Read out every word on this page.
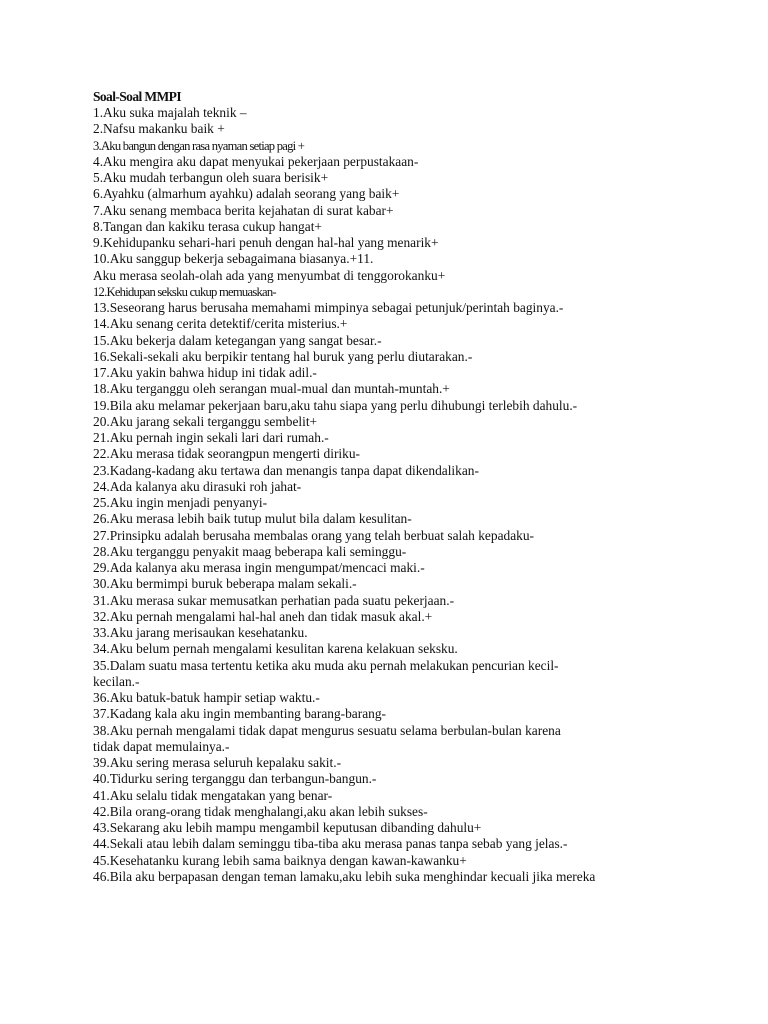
Soal-Soal MMPI
1.Aku suka majalah teknik –
2.Nafsu makanku baik +
3.Aku bangun dengan rasa nyaman setiap pagi +
4.Aku mengira aku dapat menyukai pekerjaan perpustakaan-
5.Aku mudah terbangun oleh suara berisik+
6.Ayahku (almarhum ayahku) adalah seorang yang baik+
7.Aku senang membaca berita kejahatan di surat kabar+
8.Tangan dan kakiku terasa cukup hangat+
9.Kehidupanku sehari-hari penuh dengan hal-hal yang menarik+
10.Aku sanggup bekerja sebagaimana biasanya.+11.
Aku merasa seolah-olah ada yang menyumbat di tenggorokanku+
12.Kehidupan seksku cukup memuaskan-
13.Seseorang harus berusaha memahami mimpinya sebagai petunjuk/perintah baginya.-
14.Aku senang cerita detektif/cerita misterius.+
15.Aku bekerja dalam ketegangan yang sangat besar.-
16.Sekali-sekali aku berpikir tentang hal buruk yang perlu diutarakan.-
17.Aku yakin bahwa hidup ini tidak adil.-
18.Aku terganggu oleh serangan mual-mual dan muntah-muntah.+
19.Bila aku melamar pekerjaan baru,aku tahu siapa yang perlu dihubungi terlebih dahulu.-
20.Aku jarang sekali terganggu sembelit+
21.Aku pernah ingin sekali lari dari rumah.-
22.Aku merasa tidak seorangpun mengerti diriku-
23.Kadang-kadang aku tertawa dan menangis tanpa dapat dikendalikan-
24.Ada kalanya aku dirasuki roh jahat-
25.Aku ingin menjadi penyanyi-
26.Aku merasa lebih baik tutup mulut bila dalam kesulitan-
27.Prinsipku adalah berusaha membalas orang yang telah berbuat salah kepadaku-
28.Aku terganggu penyakit maag beberapa kali seminggu-
29.Ada kalanya aku merasa ingin mengumpat/mencaci maki.-
30.Aku bermimpi buruk beberapa malam sekali.-
31.Aku merasa sukar memusatkan perhatian pada suatu pekerjaan.-
32.Aku pernah mengalami hal-hal aneh dan tidak masuk akal.+
33.Aku jarang merisaukan kesehatanku.
34.Aku belum pernah mengalami kesulitan karena kelakuan seksku.
35.Dalam suatu masa tertentu ketika aku muda aku pernah melakukan pencurian kecil-
kecilan.-
36.Aku batuk-batuk hampir setiap waktu.-
37.Kadang kala aku ingin membanting barang-barang-
38.Aku pernah mengalami tidak dapat mengurus sesuatu selama berbulan-bulan karena
tidak dapat memulainya.-
39.Aku sering merasa seluruh kepalaku sakit.-
40.Tidurku sering terganggu dan terbangun-bangun.-
41.Aku selalu tidak mengatakan yang benar-
42.Bila orang-orang tidak menghalangi,aku akan lebih sukses-
43.Sekarang aku lebih mampu mengambil keputusan dibanding dahulu+
44.Sekali atau lebih dalam seminggu tiba-tiba aku merasa panas tanpa sebab yang jelas.-
45.Kesehatanku kurang lebih sama baiknya dengan kawan-kawanku+
46.Bila aku berpapasan dengan teman lamaku,aku lebih suka menghindar kecuali jika mereka
